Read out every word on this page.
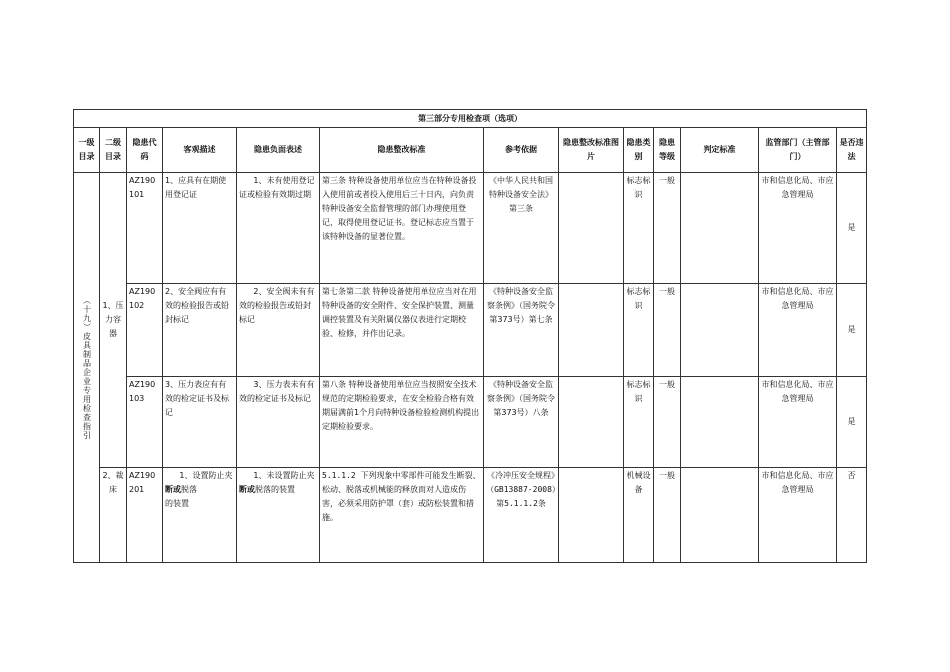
第三部分专用检查项（选项）												
一级目录	二级目录	隐患代码	客观描述	隐患负面表述	隐患整改标准	参考依据	隐患整改标准图片	隐患类别	隐患等级	判定标准	监管部门（主管部门）	是否违法

（十九）皮具制品企业专用检查指引	1、压力容器	AZ190101	1、应具有在期使用登记证	1、未有使用登记证或检验有效期过期	第三条 特种设备使用单位应当在特种设备投入使用前或者投入使用后三十日内，向负责特种设备安全监督管理的部门办理使用登记，取得使用登记证书。登记标志应当置于该特种设备的显著位置。	《中华人民共和国特种设备安全法》第三条		标志标识	一般		市和信息化局、市应急管理局	是
		AZ190102	2、安全阀应有有效的检验报告或铅封标记	2、安全阀未有有效的检验报告或铅封标记	第七条第二款 特种设备使用单位应当对在用特种设备的安全附件、安全保护装置、测量调控装置及有关附属仪器仪表进行定期校验、检修，并作出记录。	《特种设备安全监察条例》（国务院令第373号）第七条		标志标识	一般		市和信息化局、市应急管理局	是
		AZ190103	3、压力表应有有效的检定证书及标记	3、压力表未有有效的检定证书及标记	第八条 特种设备使用单位应当按照安全技术规范的定期检验要求，在安全检验合格有效期届满前1个月向特种设备检验检测机构提出定期检验要求。	《特种设备安全监察条例》（国务院令第373号）八条		标志标识	一般		市和信息化局、市应急管理局	是
	2、裁床	AZ190201	1、设置防止夹
断或脱落
的装置	1、未设置防止夹
断或脱落的装置	5.1.1.2 下列现象中零部件可能发生断裂、松动、脱落或机械能的释放而对人造成伤害，必须采用防护罩（套）或防松装置和措施。	《冷冲压安全规程》（GB13887-2008）第5.1.1.2条		机械设备	一般		市和信息化局、市应急管理局	否
